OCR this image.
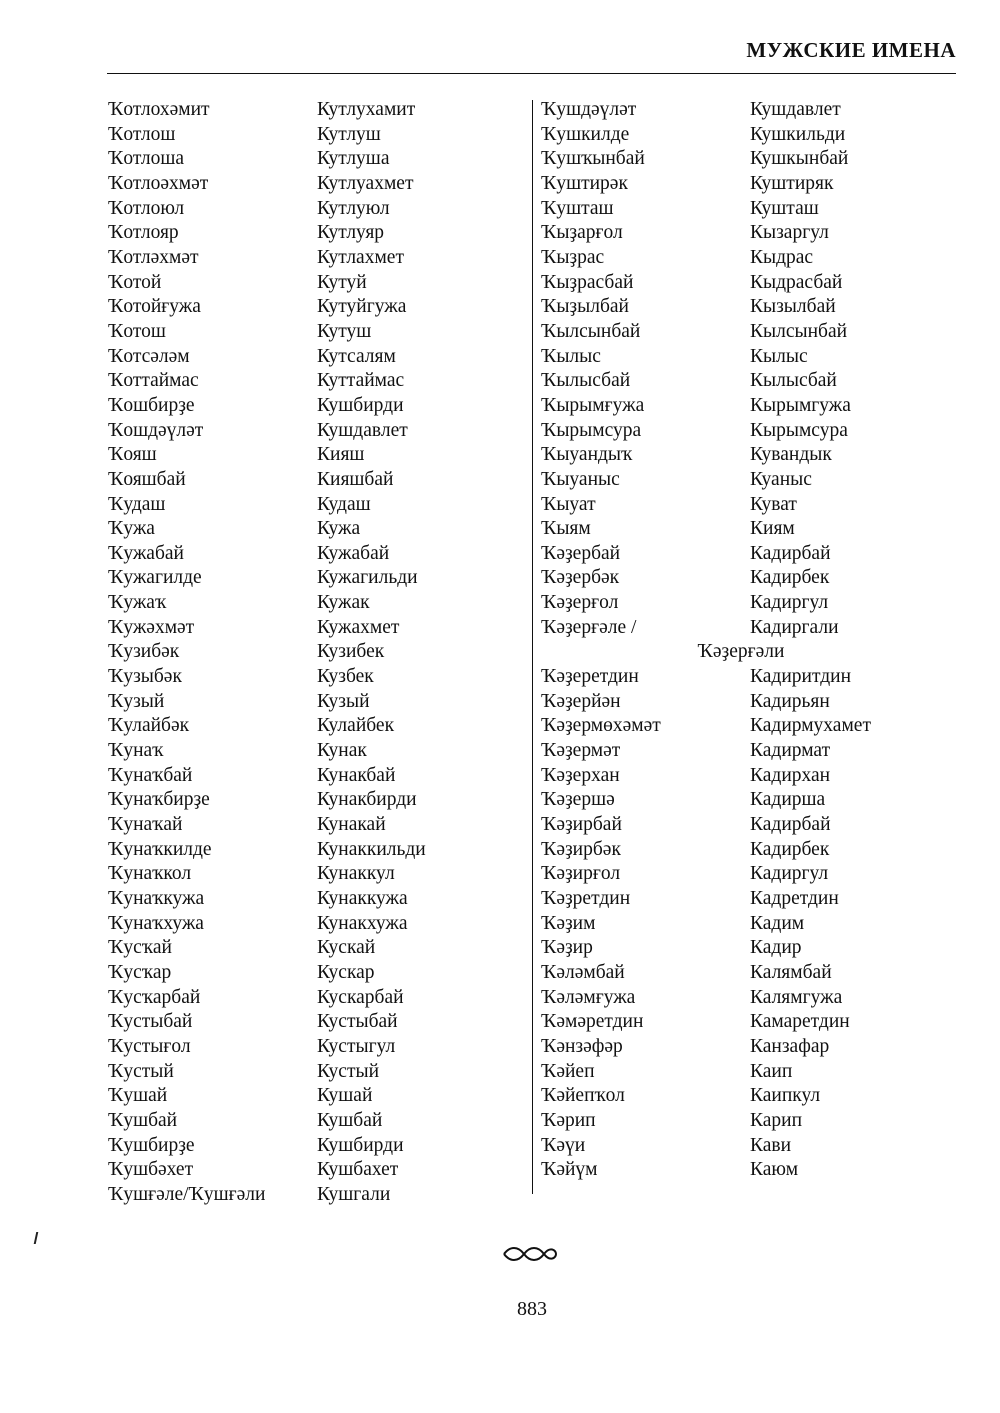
МУЖСКИЕ ИМЕНА
Ҡотлохәмит	Кутлухамит
Ҡотлош	Кутлуш
Ҡотлоша	Кутлуша
Ҡотлоәхмәт	Кутлуахмет
Ҡотлоюл	Кутлуюл
Ҡотлояр	Кутлуяр
Ҡотләхмәт	Кутлахмет
Ҡотой	Кутуй
Ҡотойғужа	Кутуйгужа
Ҡотош	Кутуш
Ҡотсәләм	Кутсалям
Ҡоттаймас	Куттаймас
Ҡошбирҙе	Кушбирди
Ҡошдәүләт	Кушдавлет
Ҡояш	Кияш
Ҡояшбай	Кияшбай
Ҡудаш	Кудаш
Ҡужа	Кужа
Ҡужабай	Кужабай
Ҡужагилде	Кужагильди
Ҡужаҡ	Кужак
Ҡужәхмәт	Кужахмет
Ҡузибәк	Кузибек
Ҡузыбәк	Кузбек
Ҡузый	Кузый
Ҡулайбәк	Кулайбек
Ҡунаҡ	Кунак
Ҡунаҡбай	Кунакбай
Ҡунаҡбирҙе	Кунакбирди
Ҡунаҡай	Кунакай
Ҡунаҡкилде	Кунаккильди
Ҡунаҡкол	Кунаккул
Ҡунаҡкужа	Кунаккужа
Ҡунаҡхужа	Кунакхужа
Ҡусҡай	Кускай
Ҡусҡар	Кускар
Ҡусҡарбай	Кускарбай
Ҡустыбай	Кустыбай
Ҡустығол	Кустыгул
Ҡустый	Кустый
Ҡушай	Кушай
Ҡушбай	Кушбай
Ҡушбирҙе	Кушбирди
Ҡушбәхет	Кушбахет
Ҡушғәле/Ҡушғәли	Кушгали
Ҡушдәүләт	Кушдавлет
Ҡушкилде	Кушкильди
Ҡушҡынбай	Кушкынбай
Ҡуштирәк	Куштиряк
Ҡушташ	Кушташ
Ҡыҙарғол	Кызаргул
Ҡыҙрас	Кыдрас
Ҡыҙрасбай	Кыдрасбай
Ҡыҙылбай	Кызылбай
Ҡылсынбай	Кылсынбай
Ҡылыс	Кылыс
Ҡылысбай	Кылысбай
Ҡырымғужа	Кырымгужа
Ҡырымсура	Кырымсура
Ҡыуандыҡ	Кувандык
Ҡыуаныс	Куаныс
Ҡыуат	Куват
Ҡыям	Киям
Ҡәҙербай	Кадирбай
Ҡәҙербәк	Кадирбек
Ҡәҙерғол	Кадиргул
Ҡәҙерғәле /	Кадиргали
Ҡәҙерғәли
Ҡәҙеретдин	Кадиритдин
Ҡәҙерйән	Кадирьян
Ҡәҙермөхәмәт	Кадирмухамет
Ҡәҙермәт	Кадирмат
Ҡәҙерхан	Кадирхан
Ҡәҙершә	Кадирша
Ҡәҙирбай	Кадирбай
Ҡәҙирбәк	Кадирбек
Ҡәҙирғол	Кадиргул
Ҡәҙретдин	Кадретдин
Ҡәҙим	Кадим
Ҡәҙир	Кадир
Ҡәләмбай	Калямбай
Ҡәләмғужа	Калямгужа
Ҡәмәретдин	Камаретдин
Ҡәнзәфәр	Канзафар
Ҡәйеп	Каип
Ҡәйепҡол	Каипкул
Ҡәрип	Карип
Ҡәүи	Кави
Ҡәйүм	Каюм
883
